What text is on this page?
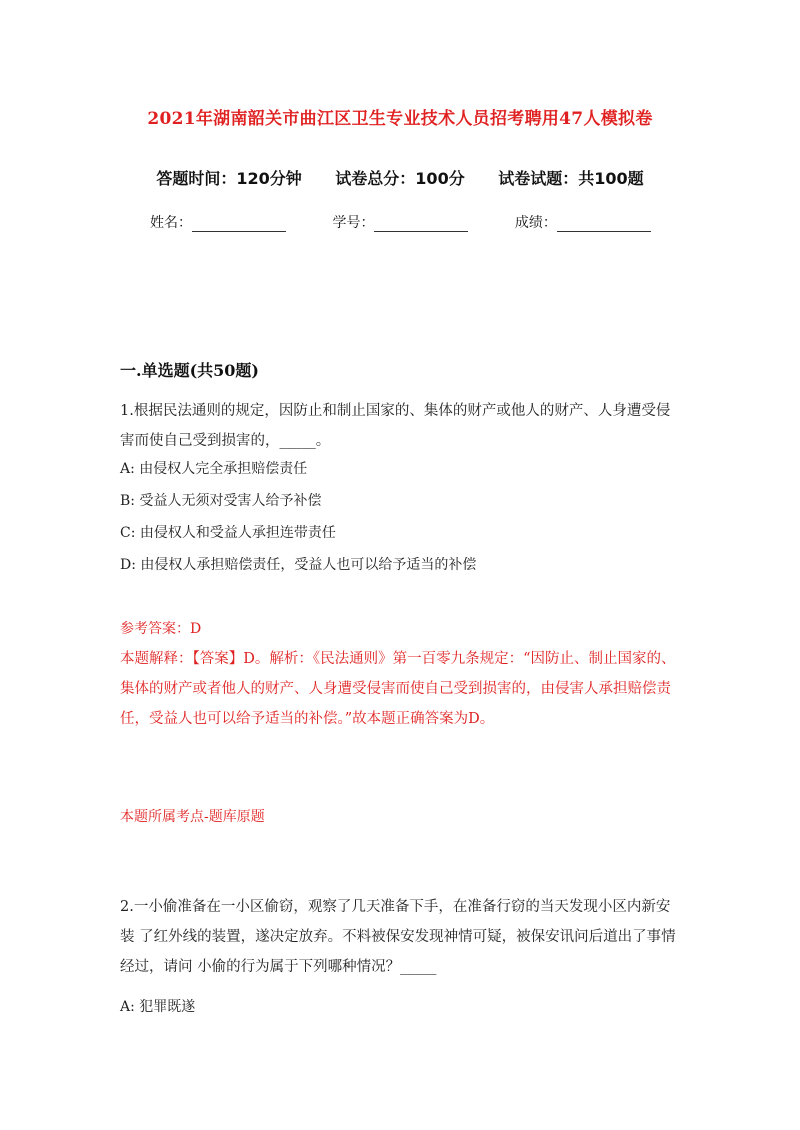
2021年湖南韶关市曲江区卫生专业技术人员招考聘用47人模拟卷
答题时间：120分钟 试卷总分：100分 试卷试题：共100题
姓名：	学号：	成绩：
一.单选题(共50题)
1.根据民法通则的规定，因防止和制止国家的、集体的财产或他人的财产、人身遭受侵害而使自己受到损害的，_____。
A: 由侵权人完全承担赔偿责任
B: 受益人无须对受害人给予补偿
C: 由侵权人和受益人承担连带责任
D: 由侵权人承担赔偿责任，受益人也可以给予适当的补偿
参考答案：D
本题解释：【答案】D。解析：《民法通则》第一百零九条规定：“因防止、制止国家的、集体的财产或者他人的财产、人身遭受侵害而使自己受到损害的，由侵害人承担赔偿责任，受益人也可以给予适当的补偿。”故本题正确答案为D。
本题所属考点-题库原题
2.一小偷准备在一小区偷窃，观察了几天准备下手，在准备行窃的当天发现小区内新安装 了红外线的装置，遂决定放弃。不料被保安发现神情可疑，被保安讯问后道出了事情经过，请问 小偷的行为属于下列哪种情况？_____
A: 犯罪既遂
